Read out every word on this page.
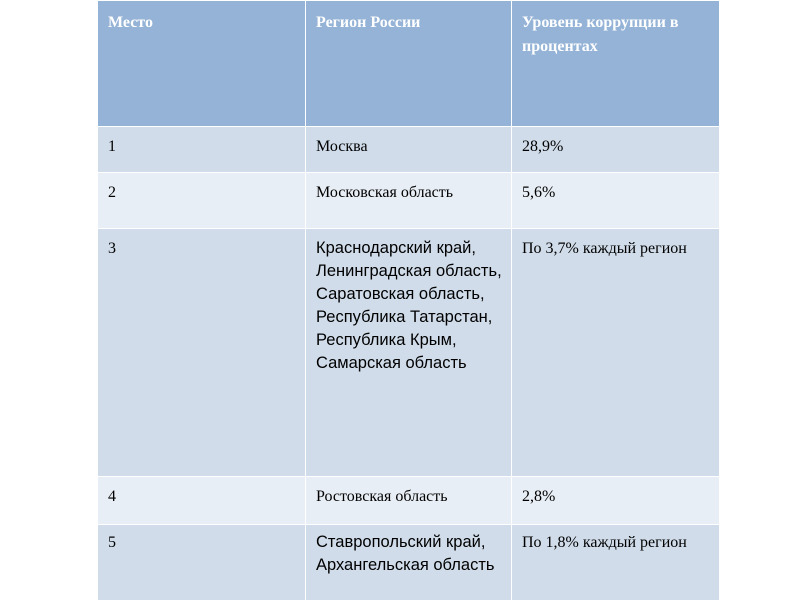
Место	Регион России	Уровень коррупции в процентах
1	Москва	28,9%
2	Московская область	5,6%
3	Краснодарский край, Ленинградская область, Саратовская область, Республика Татарстан, Республика Крым, Самарская область	По 3,7% каждый регион
4	Ростовская область	2,8%
5	Ставропольский край, Архангельская область	По 1,8% каждый регион
